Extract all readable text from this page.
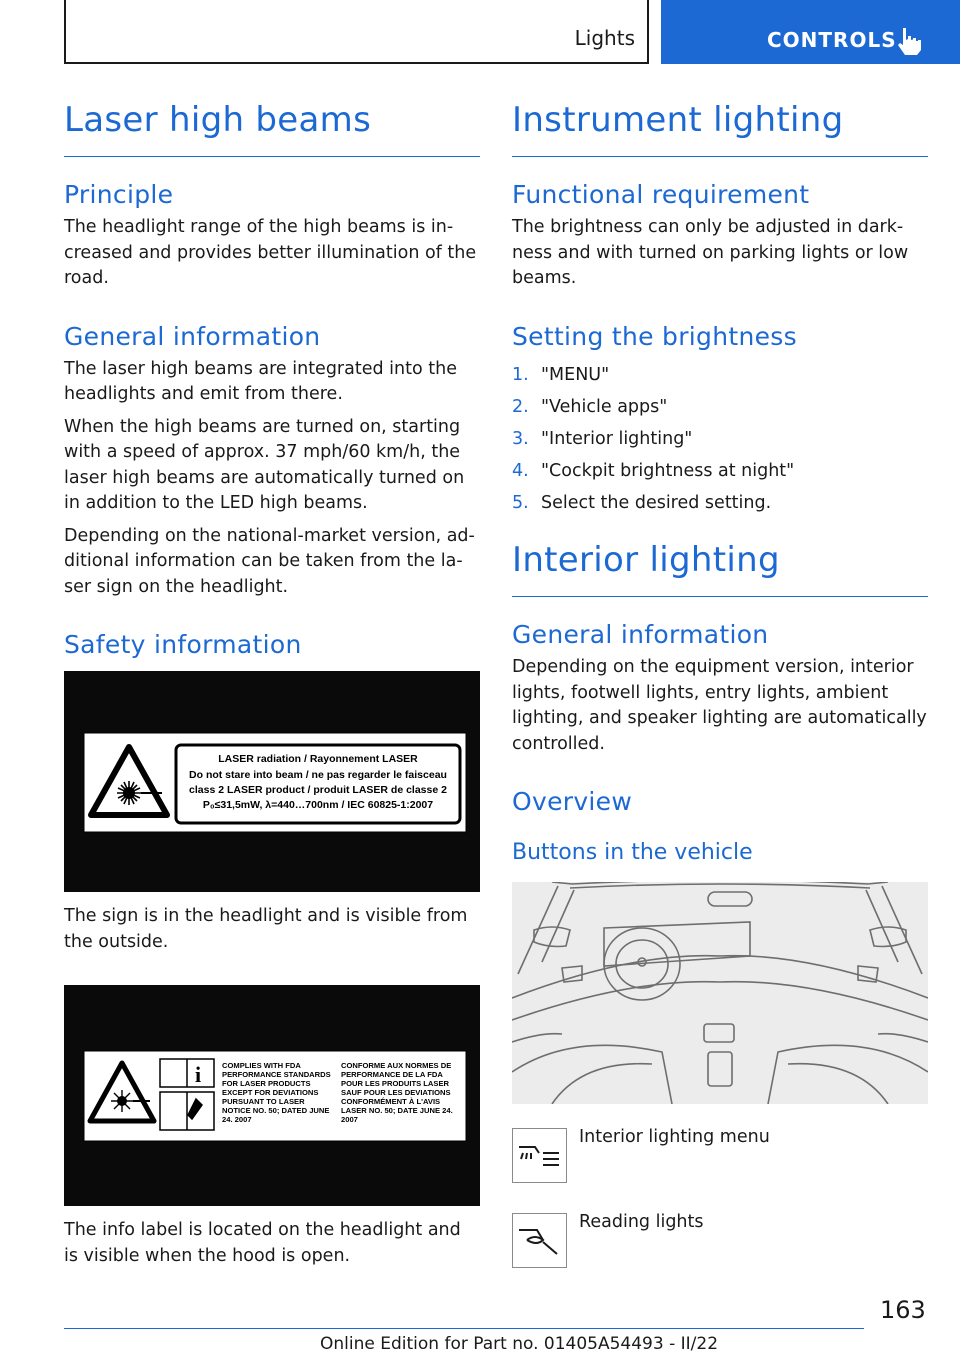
Lights	CONTROLS
Laser high beams
Principle

The headlight range of the high beams is in-creased and provides better illumination of the road.

General information

The laser high beams are integrated into the headlights and emit from there.

When the high beams are turned on, starting with a speed of approx. 37 mph/60 km/h, the laser high beams are automatically turned on in addition to the LED high beams.

Depending on the national-market version, ad-ditional information can be taken from the la-ser sign on the headlight.

Safety information
LASER radiation / Rayonnement LASER
Do not stare into beam / ne pas regarder le faisceau
class 2 LASER product / produit LASER de classe 2
P₀≤31,5mW, λ=440…700nm / IEC 60825-1:2007

The sign is in the headlight and is visible from the outside.

i	COMPLIES WITH FDA
PERFORMANCE STANDARDS
FOR LASER PRODUCTS
EXCEPT FOR DEVIATIONS
PURSUANT TO LASER
NOTICE NO. 50; DATED JUNE
24. 2007
CONFORME AUX NORMES DE
PERFORMANCE DE LA FDA
POUR LES PRODUITS LASER
SAUF POUR LES DEVIATIONS
CONFORMÉMENT À L'AVIS
LASER NO. 50; DATE JUNE 24.
2007

The info label is located on the headlight and is visible when the hood is open.

Instrument lighting
Functional requirement

The brightness can only be adjusted in dark-ness and with turned on parking lights or low beams.

Setting the brightness
1. "MENU"
2. "Vehicle apps"
3. "Interior lighting"
4. "Cockpit brightness at night"
5. Select the desired setting.
Interior lighting
General information

Depending on the equipment version, interior lights, footwell lights, entry lights, ambient lighting, and speaker lighting are automatically controlled.

Overview
Buttons in the vehicle
Interior lighting menu
Reading lights
163
Online Edition for Part no. 01405A54493 - II/22
